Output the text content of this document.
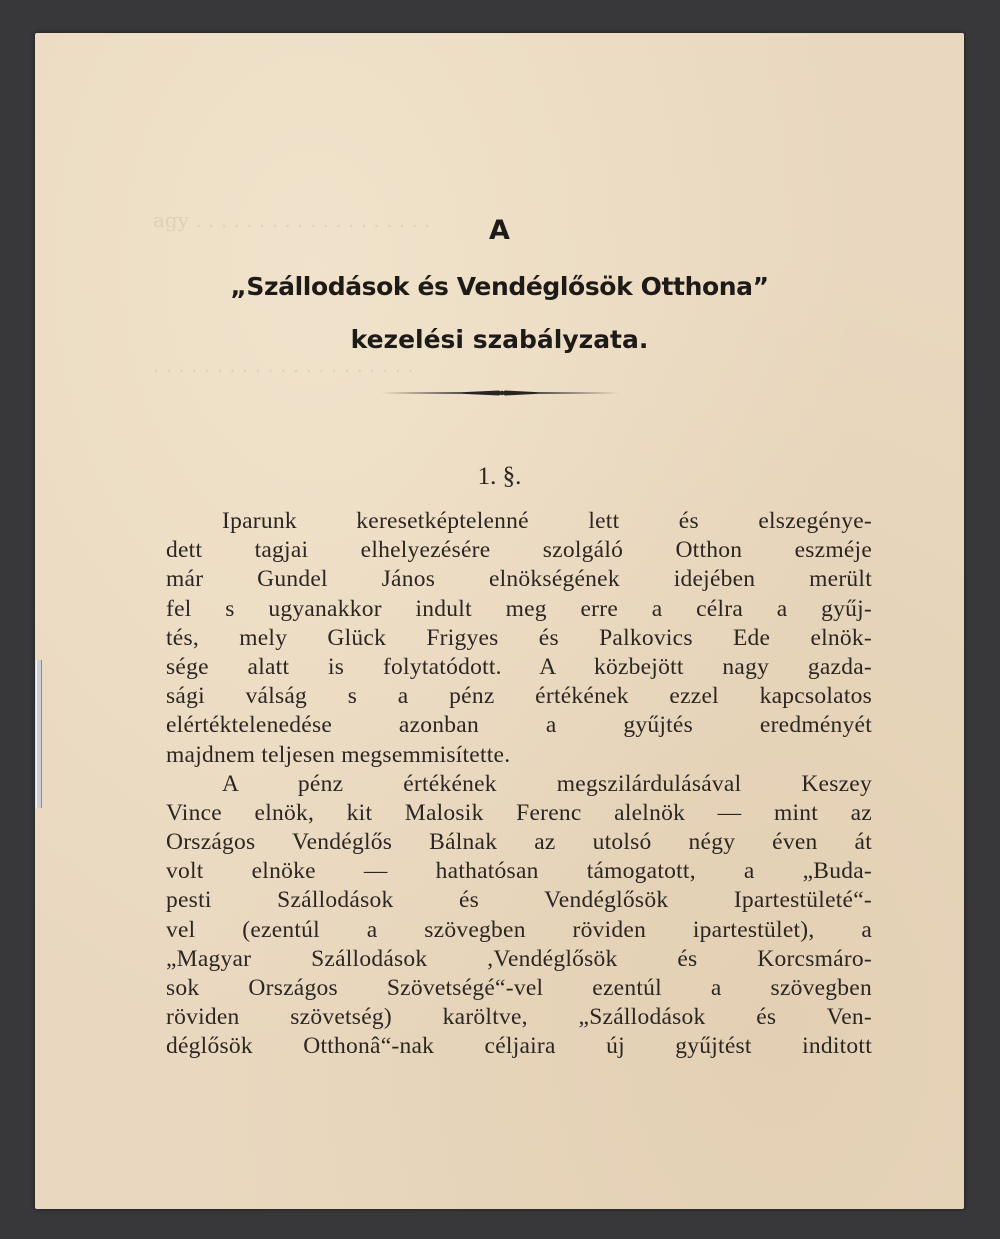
agy . . . . . . . . . . . . . . . . . . .
. . . . . . . . . . . . . . . . . . . . .
A
„Szállodások és Vendéglősök Otthona”
kezelési szabályzata.
1. §.
Iparunk keresetképtelenné lett és elszegénye-
dett tagjai elhelyezésére szolgáló Otthon eszméje
már Gundel János elnökségének idejében merült
fel s ugyanakkor indult meg erre a célra a gyűj-
tés, mely Glück Frigyes és Palkovics Ede elnök-
sége alatt is folytatódott. A közbejött nagy gazda-
sági válság s a pénz értékének ezzel kapcsolatos
elértéktelenedése azonban a gyűjtés eredményét
majdnem teljesen megsemmisítette.
A pénz értékének megszilárdulásával Keszey
Vince elnök, kit Malosik Ferenc alelnök — mint az
Országos Vendéglős Bálnak az utolsó négy éven át
volt elnöke — hathatósan támogatott, a „Buda-
pesti Szállodások és Vendéglősök Ipartestületé“-
vel (ezentúl a szövegben röviden ipartestület), a
„Magyar Szállodások ,Vendéglősök és Korcsmáro-
sok Országos Szövetségé“-vel ezentúl a szövegben
röviden szövetség) karöltve, „Szállodások és Ven-
déglősök Otthonâ“-nak céljaira új gyűjtést inditott
